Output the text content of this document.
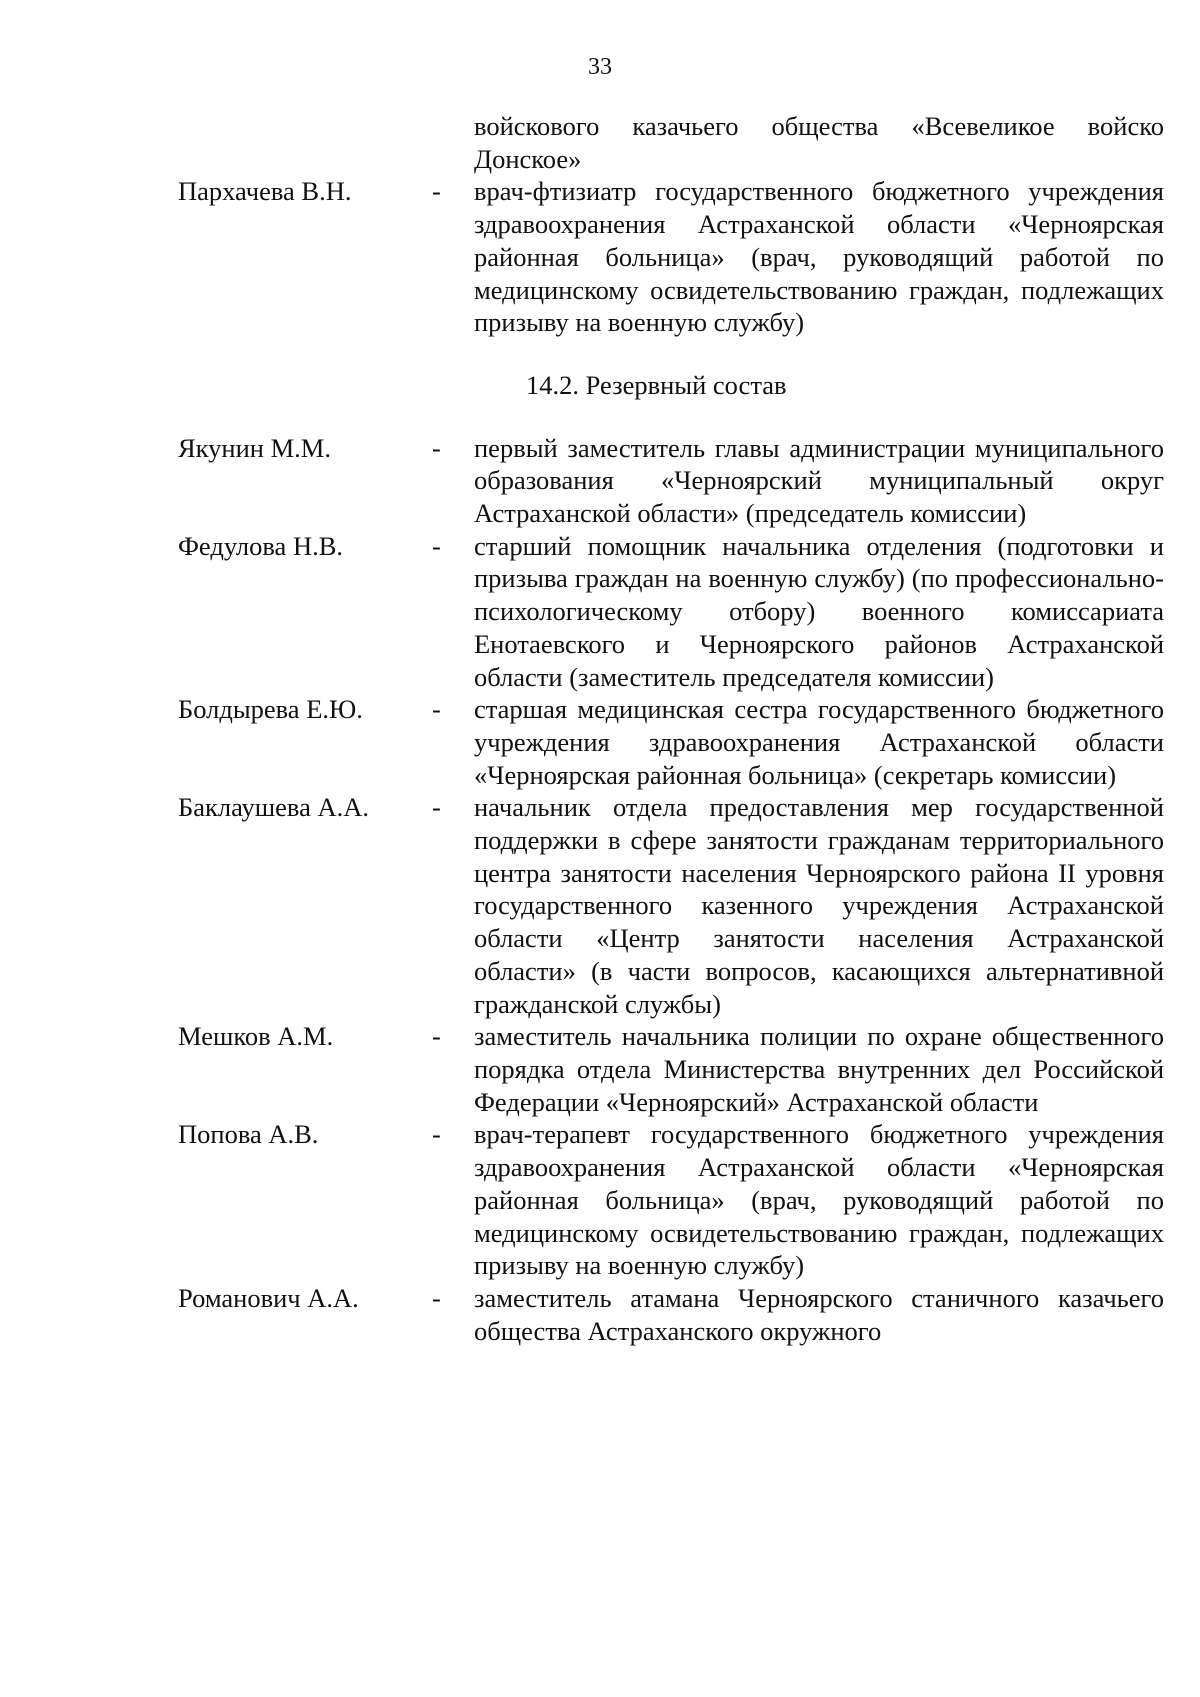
33
войскового казачьего общества «Всевеликое войско Донское»
Пархачева В.Н.	- врач-фтизиатр государственного бюджетного учреждения здравоохранения Астраханской области «Черноярская районная больница» (врач, руководящий работой по медицинскому освидетельствованию граждан, подлежащих призыву на военную службу)
14.2. Резервный состав
Якунин М.М.	- первый заместитель главы администрации муниципального образования «Черноярский муниципальный округ Астраханской области» (председатель комиссии)
Федулова Н.В.	- старший помощник начальника отделения (подготовки и призыва граждан на военную службу) (по профессионально-психологическому отбору) военного комиссариата Енотаевского и Черноярского районов Астраханской области (заместитель председателя комиссии)
Болдырева Е.Ю.	- старшая медицинская сестра государственного бюджетного учреждения здравоохранения Астраханской области «Черноярская районная больница» (секретарь комиссии)
Баклаушева А.А. - начальник отдела предоставления мер государственной поддержки в сфере занятости гражданам территориального центра занятости населения Черноярского района II уровня государственного казенного учреждения Астраханской области «Центр занятости населения Астраханской области» (в части вопросов, касающихся альтернативной гражданской службы)
Мешков А.М.	- заместитель начальника полиции по охране общественного порядка отдела Министерства внутренних дел Российской Федерации «Черноярский» Астраханской области
Попова А.В.	- врач-терапевт государственного бюджетного учреждения здравоохранения Астраханской области «Черноярская районная больница» (врач, руководящий работой по медицинскому освидетельствованию граждан, подлежащих призыву на военную службу)
Романович А.А.	- заместитель атамана Черноярского станичного казачьего общества Астраханского окружного
